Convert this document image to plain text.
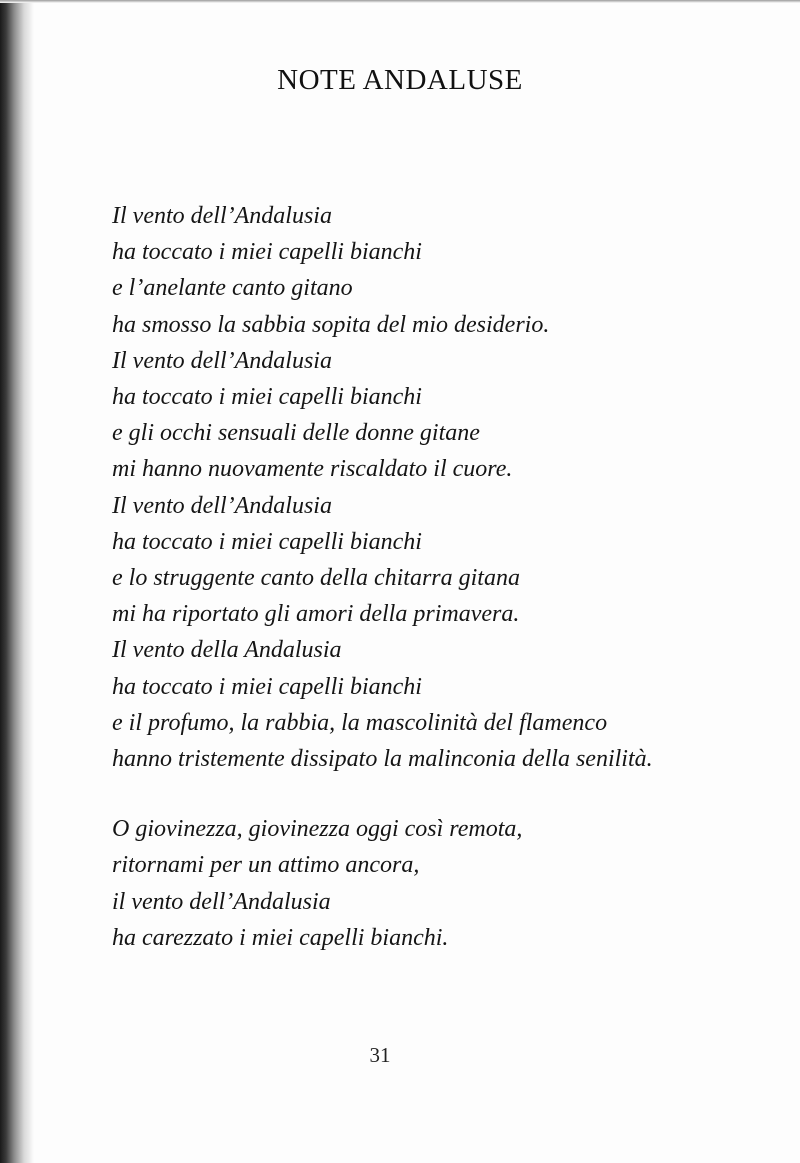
NOTE ANDALUSE

Il vento dell’Andalusia
ha toccato i miei capelli bianchi
e l’anelante canto gitano
ha smosso la sabbia sopita del mio desiderio.
Il vento dell’Andalusia
ha toccato i miei capelli bianchi
e gli occhi sensuali delle donne gitane
mi hanno nuovamente riscaldato il cuore.
Il vento dell’Andalusia
ha toccato i miei capelli bianchi
e lo struggente canto della chitarra gitana
mi ha riportato gli amori della primavera.
Il vento della Andalusia
ha toccato i miei capelli bianchi
e il profumo, la rabbia, la mascolinità del flamenco
hanno tristemente dissipato la malinconia della senilità.

O giovinezza, giovinezza oggi così remota,
ritornami per un attimo ancora,
il vento dell’Andalusia
ha carezzato i miei capelli bianchi.

31
